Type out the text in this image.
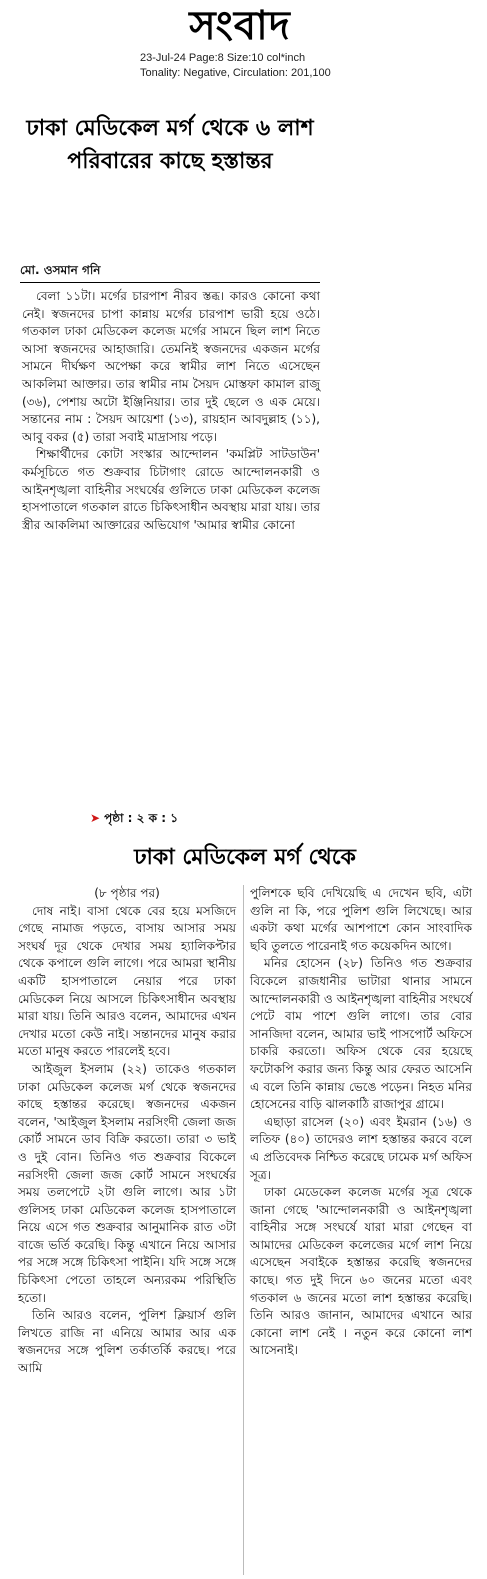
সংবাদ
23-Jul-24 Page:8 Size:10 col*inch
Tonality: Negative, Circulation: 201,100
ঢাকা মেডিকেল মর্গ থেকে ৬ লাশ পরিবারের কাছে হস্তান্তর
মো. ওসমান গনি

বেলা ১১টা। মর্গের চারপাশ নীরব স্তব্ধ। কারও কোনো কথা নেই। স্বজনদের চাপা কান্নায় মর্গের চারপাশ ভারী হয়ে ওঠে। গতকাল ঢাকা মেডিকেল কলেজ মর্গের সামনে ছিল লাশ নিতে আসা স্বজনদের আহাজারি। তেমনিই স্বজনদের একজন মর্গের সামনে দীর্ঘক্ষণ অপেক্ষা করে স্বামীর লাশ নিতে এসেছেন আকলিমা আক্তার। তার স্বামীর নাম সৈয়দ মোস্তফা কামাল রাজু (৩৬), পেশায় অটো ইঞ্জিনিয়ার। তার দুই ছেলে ও এক মেয়ে। সন্তানের নাম : সৈয়দ আয়েশা (১৩), রায়হান আবদুল্লাহ (১১), আবু বকর (৫) তারা সবাই মাদ্রাসায় পড়ে।

শিক্ষার্থীদের কোটা সংস্কার আন্দোলন 'কমপ্লিট সাটডাউন' কর্মসূচিতে গত শুক্রবার চিটাগাং রোডে আন্দোলনকারী ও আইনশৃঙ্খলা বাহিনীর সংঘর্ষের গুলিতে ঢাকা মেডিকেল কলেজ হাসপাতালে গতকাল রাতে চিকিৎসাধীন অবস্থায় মারা যায়। তার স্ত্রীর আকলিমা আক্তারের অভিযোগ 'আমার স্বামীর কোনো

➤ পৃষ্ঠা : ২ ক : ১
ঢাকা মেডিকেল মর্গ থেকে

(৮ পৃষ্ঠার পর)

দোষ নাই। বাসা থেকে বের হয়ে মসজিদে গেছে নামাজ পড়তে, বাসায় আসার সময় সংঘর্ষ দূর থেকে দেখার সময় হ্যালিকপ্টার থেকে কপালে গুলি লাগে। পরে আমরা স্থানীয় একটি হাসপাতালে নেয়ার পরে ঢাকা মেডিকেল নিয়ে আসলে চিকিৎসাধীন অবস্থায় মারা যায়। তিনি আরও বলেন, আমাদের এখন দেখার মতো কেউ নাই। সন্তানদের মানুষ করার মতো মানুষ করতে পারলেই হবে।

আইজুল ইসলাম (২২) তাকেও গতকাল ঢাকা মেডিকেল কলেজ মর্গ থেকে স্বজনদের কাছে হস্তান্তর করেছে। স্বজনদের একজন বলেন, 'আইজুল ইসলাম নরসিংদী জেলা জজ কোর্ট সামনে ডাব বিক্রি করতো। তারা ৩ ভাই ও দুই বোন। তিনিও গত শুক্রবার বিকেলে নরসিংদী জেলা জজ কোর্ট সামনে সংঘর্ষের সময় তলপেটে ২টা গুলি লাগে। আর ১টা গুলিসহ ঢাকা মেডিকেল কলেজ হাসপাতালে নিয়ে এসে গত শুক্রবার আনুমানিক রাত ৩টা বাজে ভর্তি করেছি। কিন্তু এখানে নিয়ে আসার পর সঙ্গে সঙ্গে চিকিৎসা পাইনি। যদি সঙ্গে সঙ্গে চিকিৎসা পেতো তাহলে অন্যরকম পরিস্থিতি হতো।

তিনি আরও বলেন, পুলিশ ক্লিয়ার্স গুলি লিখতে রাজি না এনিয়ে আমার আর এক স্বজনদের সঙ্গে পুলিশ তর্কাতর্কি করছে। পরে আমি

পুলিশকে ছবি দেখিয়েছি এ দেখেন ছবি, এটা গুলি না কি, পরে পুলিশ গুলি লিখেছে। আর একটা কথা মর্গের আশপাশে কোন সাংবাদিক ছবি তুলতে পারেনাই গত কয়েকদিন আগে।

মনির হোসেন (২৮) তিনিও গত শুক্রবার বিকেলে রাজধানীর ভাটারা থানার সামনে আন্দোলনকারী ও আইনশৃঙ্খলা বাহিনীর সংঘর্ষে পেটে বাম পাশে গুলি লাগে। তার বোর সানজিদা বলেন, আমার ভাই পাসপোর্ট অফিসে চাকরি করতো। অফিস থেকে বের হয়েছে ফটোকপি করার জন্য কিন্তু আর ফেরত আসেনি এ বলে তিনি কান্নায় ভেঙে পড়েন। নিহত মনির হোসেনের বাড়ি ঝালকাঠি রাজাপুর গ্রামে।

এছাড়া রাসেল (২০) এবং ইমরান (১৬) ও লতিফ (৪০) তাদেরও লাশ হস্তান্তর করবে বলে এ প্রতিবেদক নিশ্চিত করেছে ঢামেক মর্গ অফিস সূত্র।

ঢাকা মেডেকেল কলেজ মর্গের সূত্র থেকে জানা গেছে 'আন্দোলনকারী ও আইনশৃঙ্খলা বাহিনীর সঙ্গে সংঘর্ষে যারা মারা গেছেন বা আমাদের মেডিকেল কলেজের মর্গে লাশ নিয়ে এসেছেন সবাইকে হস্তান্তর করেছি স্বজনদের কাছে। গত দুই দিনে ৬০ জনের মতো এবং গতকাল ৬ জনের মতো লাশ হস্তান্তর করেছি। তিনি আরও জানান, আমাদের এখানে আর কোনো লাশ নেই । নতুন করে কোনো লাশ আসেনাই।
